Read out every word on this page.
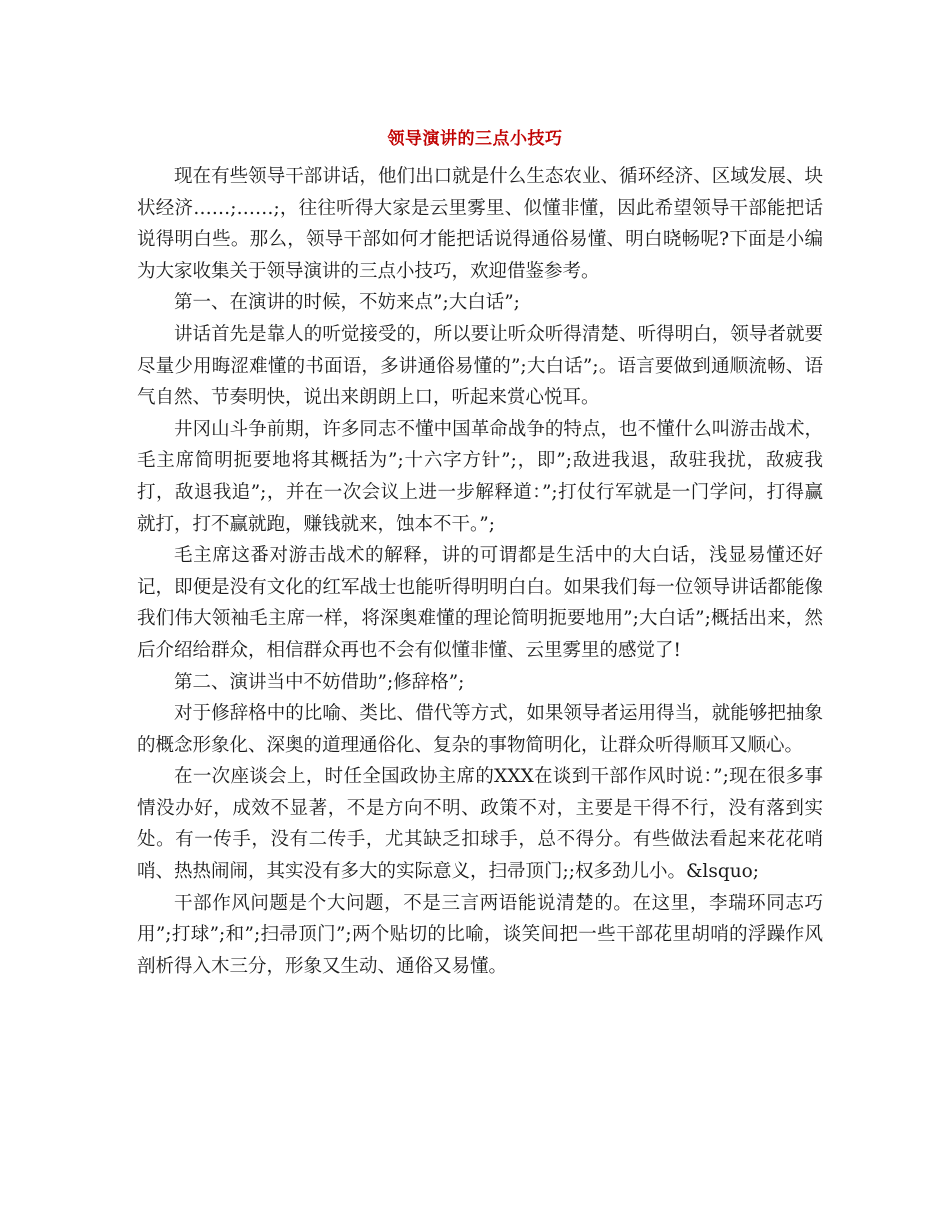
领导演讲的三点小技巧

现在有些领导干部讲话，他们出口就是什么生态农业、循环经济、区域发展、块状经济……;……;，往往听得大家是云里雾里、似懂非懂，因此希望领导干部能把话说得明白些。那么，领导干部如何才能把话说得通俗易懂、明白晓畅呢?下面是小编为大家收集关于领导演讲的三点小技巧，欢迎借鉴参考。

第一、在演讲的时候，不妨来点”;大白话”;

讲话首先是靠人的听觉接受的，所以要让听众听得清楚、听得明白，领导者就要尽量少用晦涩难懂的书面语，多讲通俗易懂的”;大白话”;。语言要做到通顺流畅、语气自然、节奏明快，说出来朗朗上口，听起来赏心悦耳。

井冈山斗争前期，许多同志不懂中国革命战争的特点，也不懂什么叫游击战术，毛主席简明扼要地将其概括为”;十六字方针”;，即”;敌进我退，敌驻我扰，敌疲我打，敌退我追”;，并在一次会议上进一步解释道：”;打仗行军就是一门学问，打得赢就打，打不赢就跑，赚钱就来，蚀本不干。”;

毛主席这番对游击战术的解释，讲的可谓都是生活中的大白话，浅显易懂还好记，即便是没有文化的红军战士也能听得明明白白。如果我们每一位领导讲话都能像我们伟大领袖毛主席一样，将深奥难懂的理论简明扼要地用”;大白话”;概括出来，然后介绍给群众，相信群众再也不会有似懂非懂、云里雾里的感觉了!

第二、演讲当中不妨借助”;修辞格”;

对于修辞格中的比喻、类比、借代等方式，如果领导者运用得当，就能够把抽象的概念形象化、深奥的道理通俗化、复杂的事物简明化，让群众听得顺耳又顺心。

在一次座谈会上，时任全国政协主席的XXX在谈到干部作风时说：”;现在很多事情没办好，成效不显著，不是方向不明、政策不对，主要是干得不行，没有落到实处。有一传手，没有二传手，尤其缺乏扣球手，总不得分。有些做法看起来花花哨哨、热热闹闹，其实没有多大的实际意义，扫帚顶门;;权多劲儿小。&lsquo;

干部作风问题是个大问题，不是三言两语能说清楚的。在这里，李瑞环同志巧用”;打球”;和”;扫帚顶门”;两个贴切的比喻，谈笑间把一些干部花里胡哨的浮躁作风剖析得入木三分，形象又生动、通俗又易懂。
